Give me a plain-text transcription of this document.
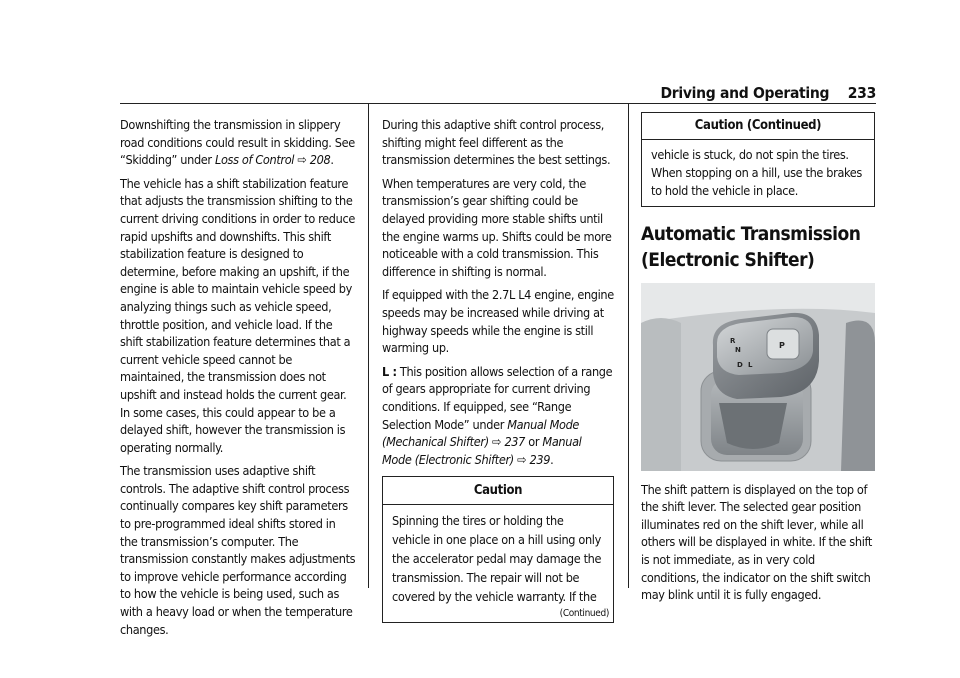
Driving and Operating 233

Downshifting the transmission in slippery road conditions could result in skidding. See “Skidding” under Loss of Control ⇨ 208.

The vehicle has a shift stabilization feature that adjusts the transmission shifting to the current driving conditions in order to reduce rapid upshifts and downshifts. This shift stabilization feature is designed to determine, before making an upshift, if the engine is able to maintain vehicle speed by analyzing things such as vehicle speed, throttle position, and vehicle load. If the shift stabilization feature determines that a current vehicle speed cannot be maintained, the transmission does not upshift and instead holds the current gear. In some cases, this could appear to be a delayed shift, however the transmission is operating normally.

The transmission uses adaptive shift controls. The adaptive shift control process continually compares key shift parameters to pre-programmed ideal shifts stored in the transmission’s computer. The transmission constantly makes adjustments to improve vehicle performance according to how the vehicle is being used, such as with a heavy load or when the temperature changes.

During this adaptive shift control process, shifting might feel different as the transmission determines the best settings.

When temperatures are very cold, the transmission’s gear shifting could be delayed providing more stable shifts until the engine warms up. Shifts could be more noticeable with a cold transmission. This difference in shifting is normal.

If equipped with the 2.7L L4 engine, engine speeds may be increased while driving at highway speeds while the engine is still warming up.

L : This position allows selection of a range of gears appropriate for current driving conditions. If equipped, see “Range Selection Mode” under Manual Mode (Mechanical Shifter) ⇨ 237 or Manual Mode (Electronic Shifter) ⇨ 239.

Caution
Spinning the tires or holding the vehicle in one place on a hill using only the accelerator pedal may damage the transmission. The repair will not be covered by the vehicle warranty. If the
(Continued)
Caution (Continued)
vehicle is stuck, do not spin the tires.
When stopping on a hill, use the brakes to hold the vehicle in place.
Automatic Transmission (Electronic Shifter)
R
N
D L
P

The shift pattern is displayed on the top of the shift lever. The selected gear position illuminates red on the shift lever, while all others will be displayed in white. If the shift is not immediate, as in very cold conditions, the indicator on the shift switch may blink until it is fully engaged.
